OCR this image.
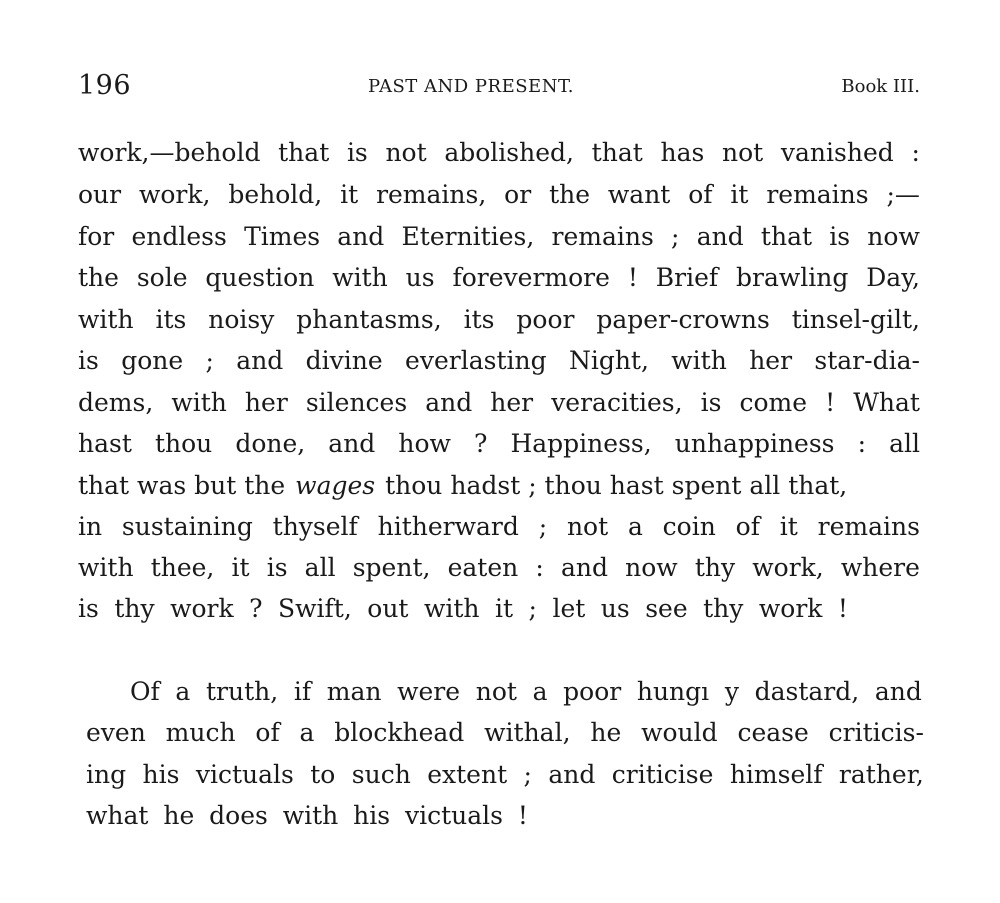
196	PAST AND PRESENT.	Book III.
work,—behold that is not abolished, that has not vanished :
our work, behold, it remains, or the want of it remains ;—
for endless Times and Eternities, remains ; and that is now
the sole question with us forevermore ! Brief brawling Day,
with its noisy phantasms, its poor paper-crowns tinsel-gilt,
is gone ; and divine everlasting Night, with her star-dia-
dems, with her silences and her veracities, is come ! What
hast thou done, and how ? Happiness, unhappiness : all
that was but the wages thou hadst ; thou hast spent all that,
in sustaining thyself hitherward ; not a coin of it remains
with thee, it is all spent, eaten : and now thy work, where
is thy work ? Swift, out with it ; let us see thy work !
Of a truth, if man were not a poor hungı y dastard, and
even much of a blockhead withal, he would cease criticis-
ing his victuals to such extent ; and criticise himself rather,
what he does with his victuals !
